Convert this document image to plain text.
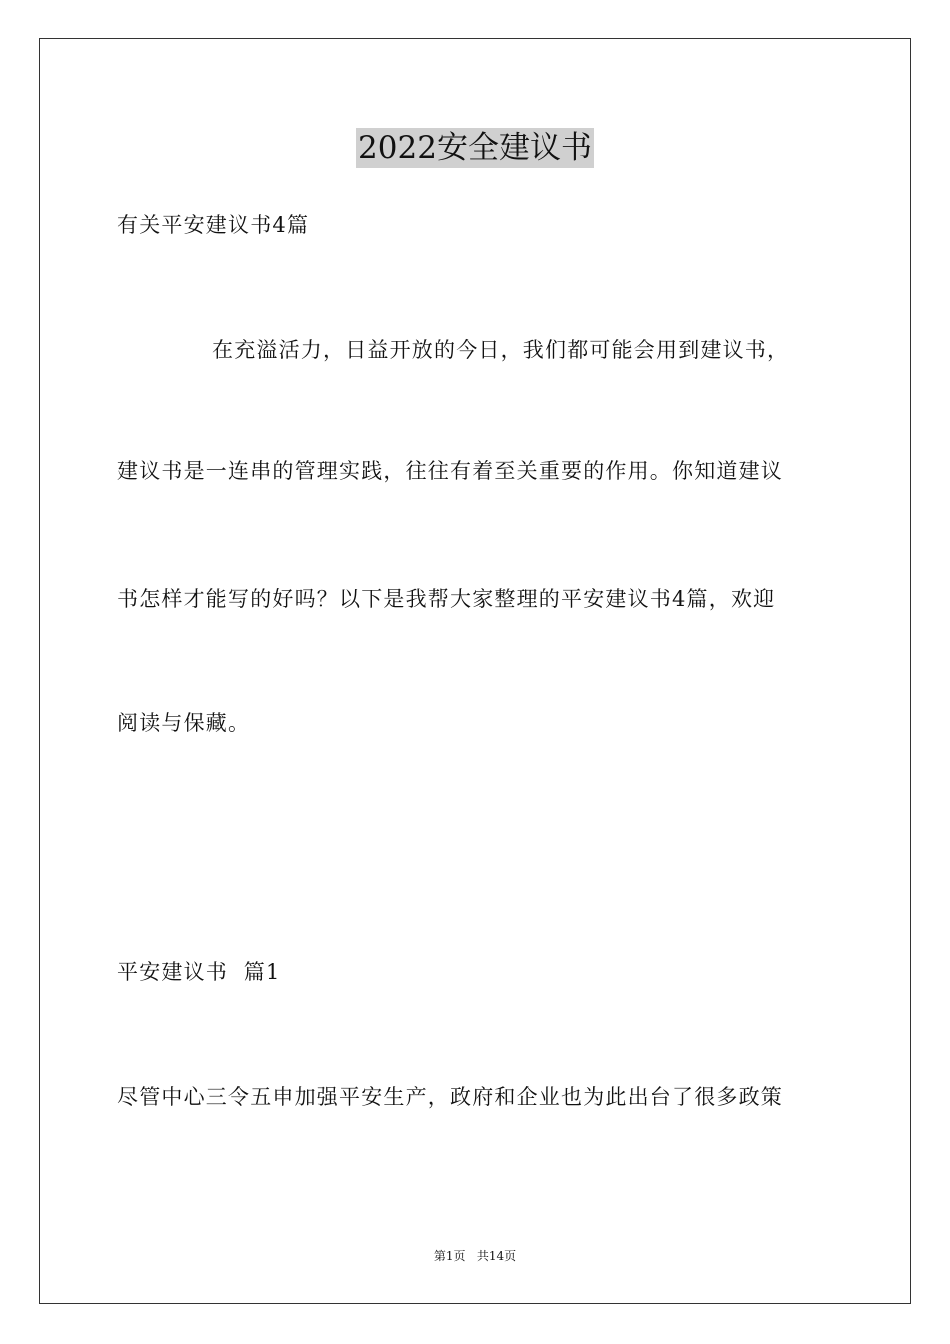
2022安全建议书
有关平安建议书4篇
在充溢活力，日益开放的今日，我们都可能会用到建议书，
建议书是一连串的管理实践，往往有着至关重要的作用。你知道建议
书怎样才能写的好吗？以下是我帮大家整理的平安建议书4篇，欢迎
阅读与保藏。
平安建议书  篇1
尽管中心三令五申加强平安生产，政府和企业也为此出台了很多政策
第1页   共14页
